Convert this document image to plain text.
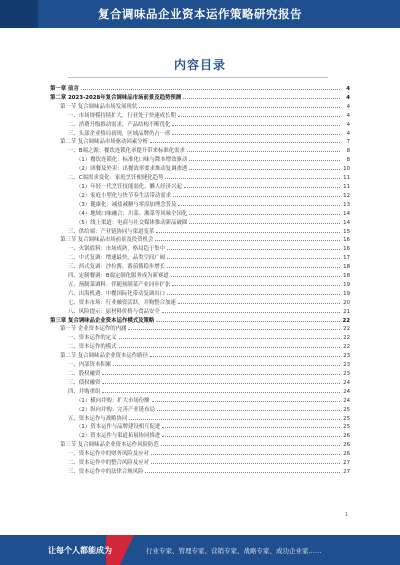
复合调味品企业资本运作策略研究报告
内容目录
第一章 前言	4
第二章 2023-2028年复合调味品市场前景及趋势预测	4
第一节 复合调味品市场发展现状	4
一、市场规模持续扩大，行业处于快速成长期	4
二、消费升级推动需求，产品结构不断优化	4
三、头部企业格局初现，区域品牌仍占一席	4
第二节 复合调味品市场驱动因素分析	7
一、B端之源：餐饮连锁化率提升带来标准化需求	8
（1）餐饮连锁化：标准化口味与降本增效驱动	8
（2）团餐及外卖：出餐效率要求推动复调渗透	10
二、C端需求变化：家庭烹饪便捷化趋势	11
（1）年轻一代烹饪技能弱化，懒人经济兴起	11
（2）家庭小型化与快节奏生活带动需求	12
（3）健康化：减盐减糖与零添加理念普及	13
（4）地域口味融合：川菜、湘菜等风味全国化	14
（5）线上渠道：电商与社交媒体推动新品破圈	14
三、供给端：产业链协同与渠道变革	15
第三节 复合调味品市场前景及投资机会	16
一、火锅底料：市场成熟，格局趋于集中	16
二、中式复调：增速最快，品类空间广阔	17
三、西式复调：沙拉酱、番茄酱稳步增长	18
四、定制餐调：B端定制化服务成为新赛道	18
五、预制菜调料：伴随预制菜产业同步扩张	19
六、出海机遇：中餐国际化带动复调出口	19
七、资本市场：行业融资活跃，并购整合加速	20
八、风险提示：原材料价格与食品安全	21
第三章 复合调味品企业资本运作模式及策略	22
第一节 企业资本运作的内涵	22
一、资本运作的定义	22
二、资本运作的模式	22
第二节 复合调味品企业资本运作路径	23
一、内部资本积累	23
二、股权融资	23
三、债权融资	24
四、并购重组	24
（1）横向并购：扩大市场份额	24
（2）纵向并购：完善产业链布局	25
五、资本运作与战略协同	25
（1）资本运作与品牌建设相互促进	25
（2）资本运作与渠道拓展协同推进	26
第三节 复合调味品企业资本运作风险防范	26
一、资本运作中的财务风险及应对	26
二、资本运作中的整合风险及应对	27
三、资本运作中的法律合规风险	27
1
让每个人都能成为	行业专家、管理专家、营销专家、战略专家、成功企业家……
